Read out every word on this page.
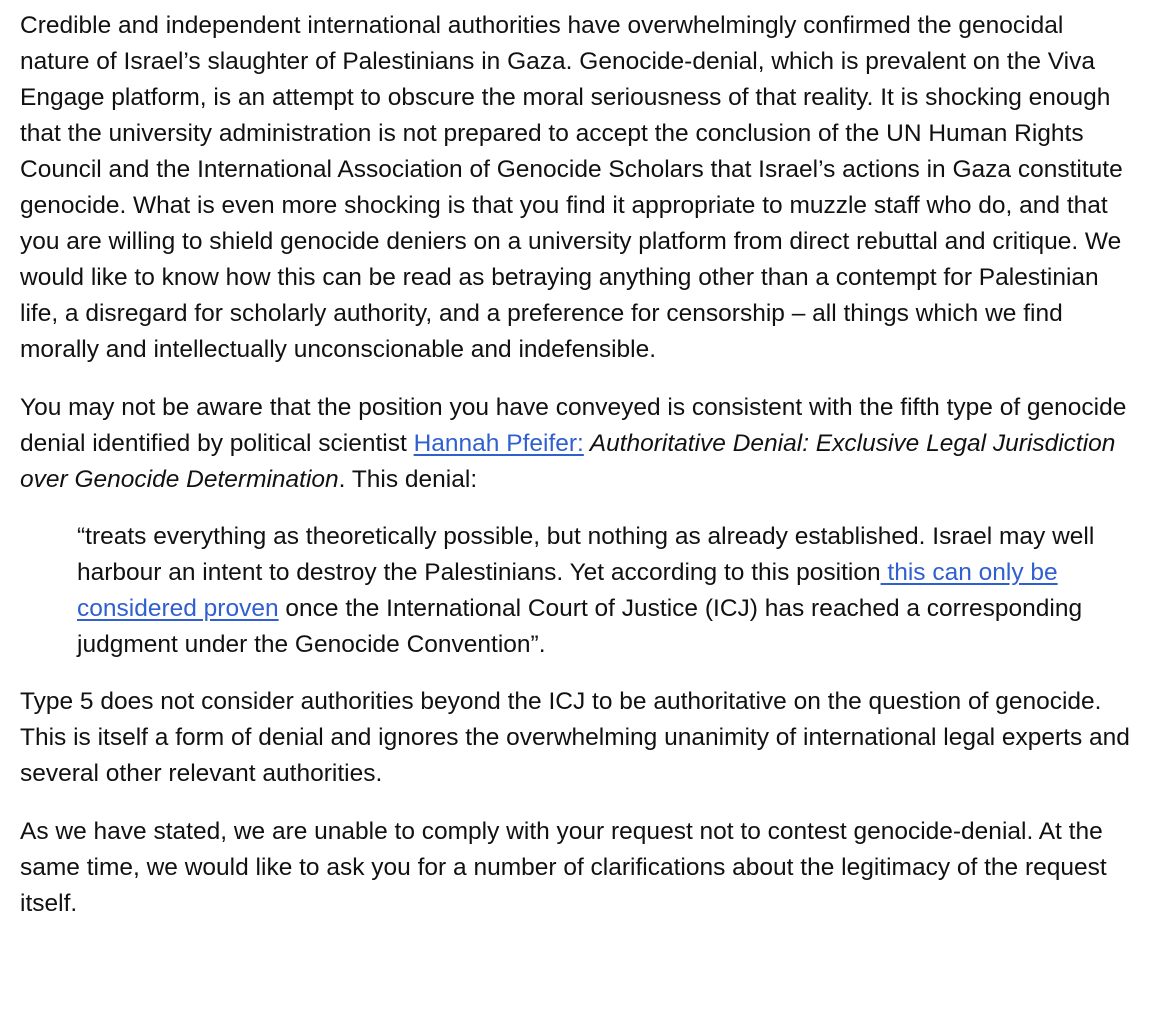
Credible and independent international authorities have overwhelmingly confirmed the genocidal nature of Israel’s slaughter of Palestinians in Gaza. Genocide-denial, which is prevalent on the Viva Engage platform, is an attempt to obscure the moral seriousness of that reality. It is shocking enough that the university administration is not prepared to accept the conclusion of the UN Human Rights Council and the International Association of Genocide Scholars that Israel’s actions in Gaza constitute genocide. What is even more shocking is that you find it appropriate to muzzle staff who do, and that you are willing to shield genocide deniers on a university platform from direct rebuttal and critique. We would like to know how this can be read as betraying anything other than a contempt for Palestinian life, a disregard for scholarly authority, and a preference for censorship – all things which we find morally and intellectually unconscionable and indefensible.

You may not be aware that the position you have conveyed is consistent with the fifth type of genocide denial identified by political scientist Hannah Pfeifer: Authoritative Denial: Exclusive Legal Jurisdiction over Genocide Determination. This denial:

“treats everything as theoretically possible, but nothing as already established. Israel may well harbour an intent to destroy the Palestinians. Yet according to this position this can only be considered proven once the International Court of Justice (ICJ) has reached a corresponding judgment under the Genocide Convention”.

Type 5 does not consider authorities beyond the ICJ to be authoritative on the question of genocide. This is itself a form of denial and ignores the overwhelming unanimity of international legal experts and several other relevant authorities.

As we have stated, we are unable to comply with your request not to contest genocide-denial. At the same time, we would like to ask you for a number of clarifications about the legitimacy of the request itself.
